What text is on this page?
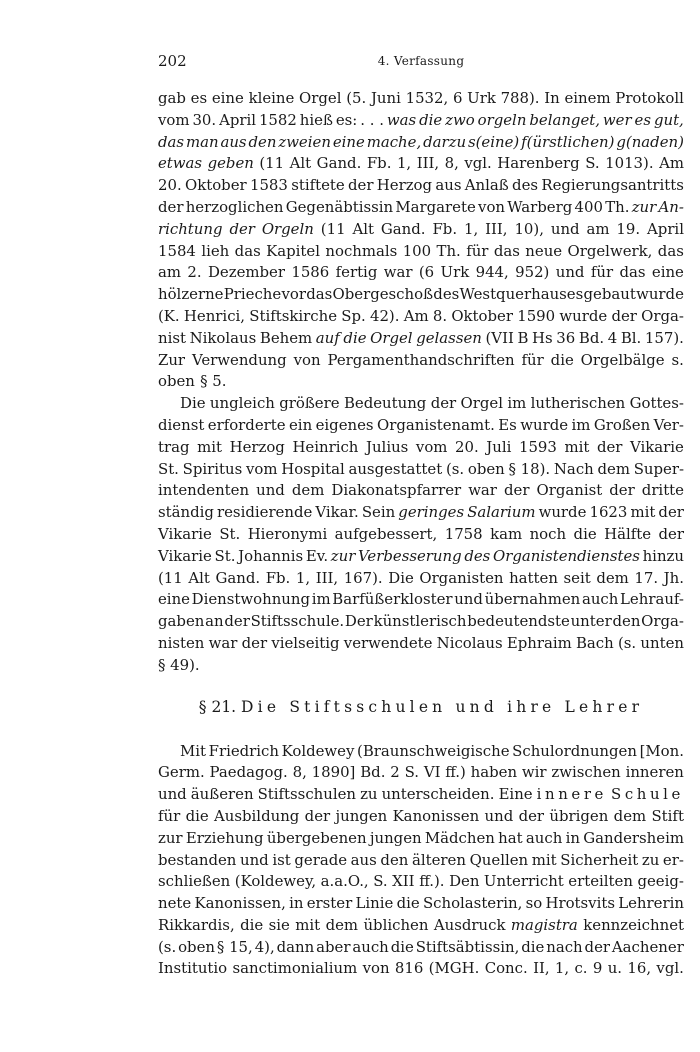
202	4. Verfassung
gab es eine kleine Orgel (5. Juni 1532, 6 Urk 788). In einem Protokoll
vom 30. April 1582 hieß es: . . . was die zwo orgeln belanget, wer es gut,
das man aus den zweien eine mache, darzu s(eine) f(ürstlichen) g(naden)
etwas geben (11 Alt Gand. Fb. 1, III, 8, vgl. Harenberg S. 1013). Am
20. Oktober 1583 stiftete der Herzog aus Anlaß des Regierungsantritts
der herzoglichen Gegenäbtissin Margarete von Warberg 400 Th. zur An-
richtung der Orgeln (11 Alt Gand. Fb. 1, III, 10), und am 19. April
1584 lieh das Kapitel nochmals 100 Th. für das neue Orgelwerk, das
am 2. Dezember 1586 fertig war (6 Urk 944, 952) und für das eine
hölzerne Prieche vor das Obergeschoß des Westquerhauses gebaut wurde
(K. Henrici, Stiftskirche Sp. 42). Am 8. Oktober 1590 wurde der Orga-
nist Nikolaus Behem auf die Orgel gelassen (VII B Hs 36 Bd. 4 Bl. 157).
Zur Verwendung von Pergamenthandschriften für die Orgelbälge s.
oben § 5.
Die ungleich größere Bedeutung der Orgel im lutherischen Gottes-
dienst erforderte ein eigenes Organistenamt. Es wurde im Großen Ver-
trag mit Herzog Heinrich Julius vom 20. Juli 1593 mit der Vikarie
St. Spiritus vom Hospital ausgestattet (s. oben § 18). Nach dem Super-
intendenten und dem Diakonatspfarrer war der Organist der dritte
ständig residierende Vikar. Sein geringes Salarium wurde 1623 mit der
Vikarie St. Hieronymi aufgebessert, 1758 kam noch die Hälfte der
Vikarie St. Johannis Ev. zur Verbesserung des Organistendienstes hinzu
(11 Alt Gand. Fb. 1, III, 167). Die Organisten hatten seit dem 17. Jh.
eine Dienstwohnung im Barfüßerkloster und übernahmen auch Lehrauf-
gaben an der Stiftsschule. Der künstlerisch bedeutendste unter den Orga-
nisten war der vielseitig verwendete Nicolaus Ephraim Bach (s. unten
§ 49).
§ 21. Die Stiftsschulen und ihre Lehrer
Mit Friedrich Koldewey (Braunschweigische Schulordnungen [Mon.
Germ. Paedagog. 8, 1890] Bd. 2 S. VI ff.) haben wir zwischen inneren
und äußeren Stiftsschulen zu unterscheiden. Eine innere Schule
für die Ausbildung der jungen Kanonissen und der übrigen dem Stift
zur Erziehung übergebenen jungen Mädchen hat auch in Gandersheim
bestanden und ist gerade aus den älteren Quellen mit Sicherheit zu er-
schließen (Koldewey, a.a.O., S. XII ff.). Den Unterricht erteilten geeig-
nete Kanonissen, in erster Linie die Scholasterin, so Hrotsvits Lehrerin
Rikkardis, die sie mit dem üblichen Ausdruck magistra kennzeichnet
(s. oben § 15, 4), dann aber auch die Stiftsäbtissin, die nach der Aachener
Institutio sanctimonialium von 816 (MGH. Conc. II, 1, c. 9 u. 16, vgl.
